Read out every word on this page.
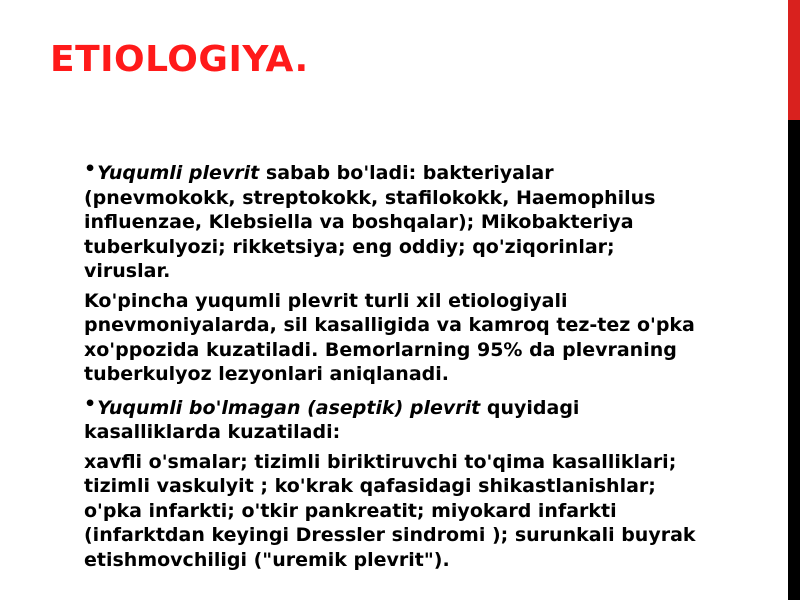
ETIOLOGIYA.

•Yuqumli plevrit sabab bo'ladi: bakteriyalar (pnevmokokk, streptokokk, stafilokokk, Haemophilus influenzae, Klebsiella va boshqalar); Mikobakteriya tuberkulyozi; rikketsiya; eng oddiy; qo'ziqorinlar; viruslar.

Ko'pincha yuqumli plevrit turli xil etiologiyali pnevmoniyalarda, sil kasalligida va kamroq tez-tez o'pka xo'ppozida kuzatiladi. Bemorlarning 95% da plevraning tuberkulyoz lezyonlari aniqlanadi.

•Yuqumli bo'lmagan (aseptik) plevrit quyidagi kasalliklarda kuzatiladi:

xavfli o'smalar; tizimli biriktiruvchi to'qima kasalliklari; tizimli vaskulyit ; ko'krak qafasidagi shikastlanishlar; o'pka infarkti; o'tkir pankreatit; miyokard infarkti (infarktdan keyingi Dressler sindromi ); surunkali buyrak etishmovchiligi ("uremik plevrit").
